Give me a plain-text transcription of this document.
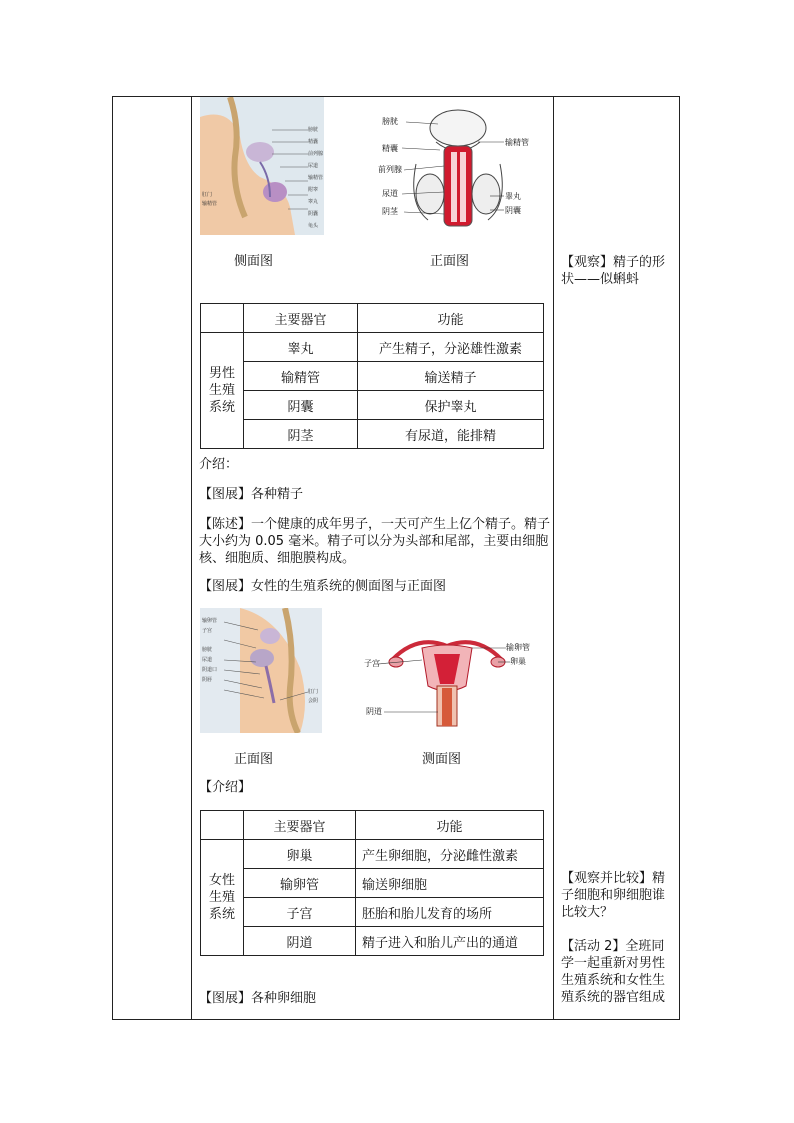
膀胱
精囊
前列腺
尿道
输精管
附睾
睾丸
阴囊
龟头
肛门
输精管
膀胱
输精管
精囊
前列腺
尿道	睾丸
阴茎	阴囊
侧面图	正面图
	主要器官	功能

男性生殖系统	睾丸	产生精子，分泌雄性激素
	输精管	输送精子
	阴囊	保护睾丸
	阴茎	有尿道，能排精
介绍：
【图展】各种精子
【陈述】一个健康的成年男子，一天可产生上亿个精子。精子大小约为 0.05 毫米。精子可以分为头部和尾部，主要由细胞核、细胞质、细胞膜构成。
【图展】女性的生殖系统的侧面图与正面图
输卵管
子宫
膀胱
尿道
阴道口
阴唇
肛门
会阴
输卵管
子宫	卵巢
阴道
正面图	测面图
【介绍】
	主要器官	功能

女性生殖系统	卵巢	产生卵细胞，分泌雌性激素
	输卵管	输送卵细胞
	子宫	胚胎和胎儿发育的场所
	阴道	精子进入和胎儿产出的通道
【图展】各种卵细胞
【观察】精子的形状——似蝌蚪
【观察并比较】精子细胞和卵细胞谁比较大？
【活动 2】全班同学一起重新对男性生殖系统和女性生殖系统的器官组成
